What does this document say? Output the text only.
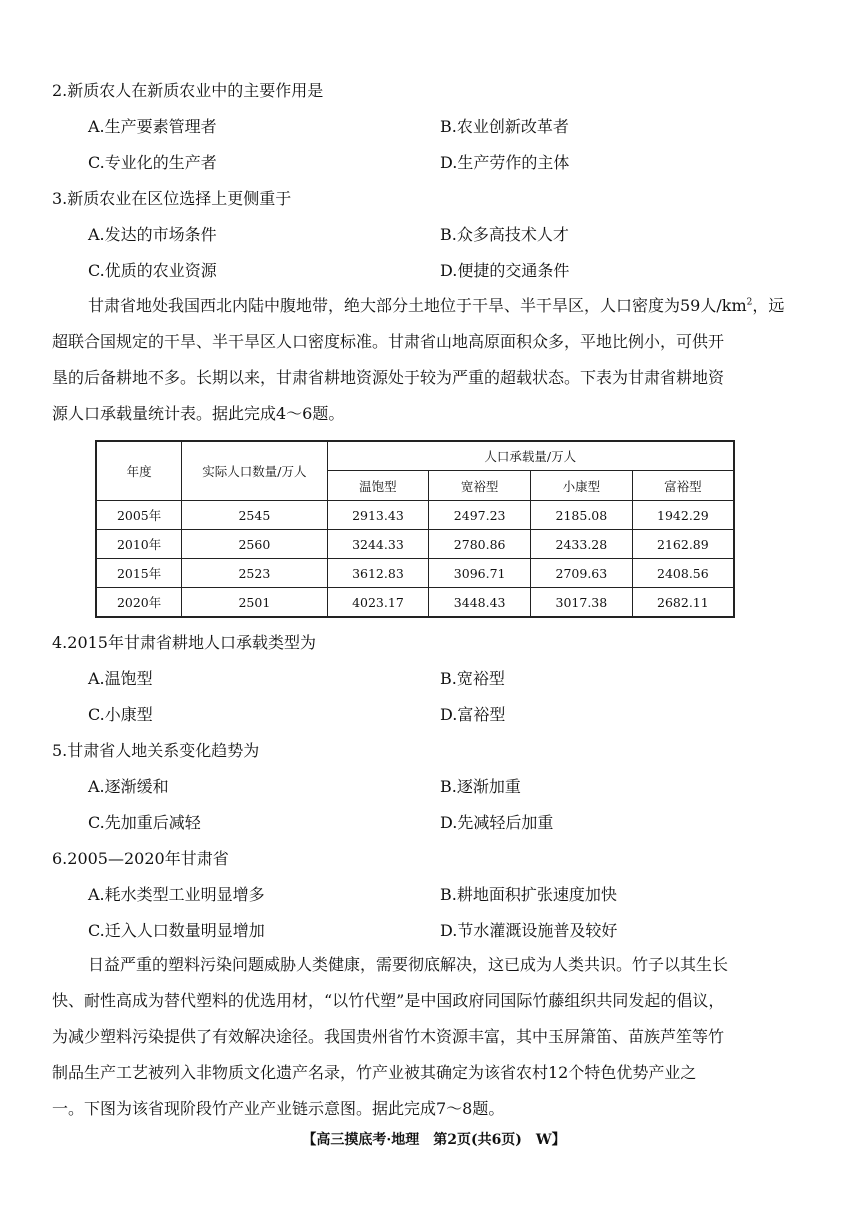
2.新质农人在新质农业中的主要作用是
A.生产要素管理者	B.农业创新改革者
C.专业化的生产者	D.生产劳作的主体
3.新质农业在区位选择上更侧重于
A.发达的市场条件	B.众多高技术人才
C.优质的农业资源	D.便捷的交通条件
甘肃省地处我国西北内陆中腹地带，绝大部分土地位于干旱、半干旱区，人口密度为59人$/km^2$，远
超联合国规定的干旱、半干旱区人口密度标准。甘肃省山地高原面积众多，平地比例小，可供开
垦的后备耕地不多。长期以来，甘肃省耕地资源处于较为严重的超载状态。下表为甘肃省耕地资
源人口承载量统计表。据此完成4～6题。
年度	实际人口数量/万人	人口承载量/万人			
		温饱型	宽裕型	小康型	富裕型
2005年	2545	2913.43	2497.23	2185.08	1942.29
2010年	2560	3244.33	2780.86	2433.28	2162.89
2015年	2523	3612.83	3096.71	2709.63	2408.56
2020年	2501	4023.17	3448.43	3017.38	2682.11
4.2015年甘肃省耕地人口承载类型为
A.温饱型	B.宽裕型
C.小康型	D.富裕型
5.甘肃省人地关系变化趋势为
A.逐渐缓和	B.逐渐加重
C.先加重后减轻	D.先减轻后加重
6.2005—2020年甘肃省
A.耗水类型工业明显增多	B.耕地面积扩张速度加快
C.迁入人口数量明显增加	D.节水灌溉设施普及较好
日益严重的塑料污染问题威胁人类健康，需要彻底解决，这已成为人类共识。竹子以其生长
快、耐性高成为替代塑料的优选用材，“以竹代塑”是中国政府同国际竹藤组织共同发起的倡议，
为减少塑料污染提供了有效解决途径。我国贵州省竹木资源丰富，其中玉屏箫笛、苗族芦笙等竹
制品生产工艺被列入非物质文化遗产名录，竹产业被其确定为该省农村12个特色优势产业之
一。下图为该省现阶段竹产业产业链示意图。据此完成7～8题。
【高三摸底考·地理　第2页(共6页)　W】
